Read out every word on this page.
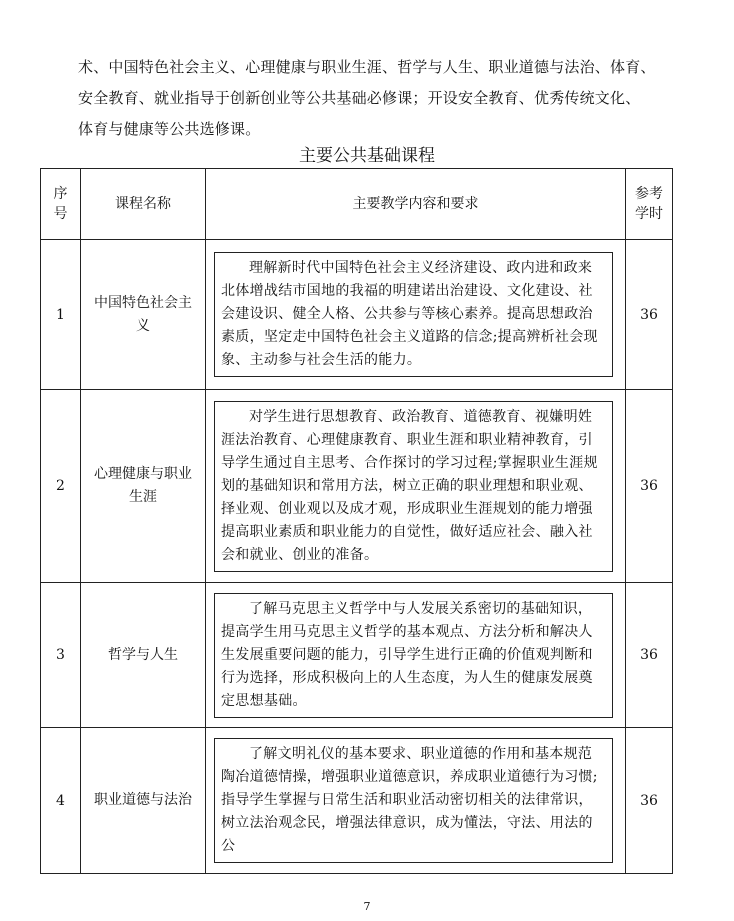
术、中国特色社会主义、心理健康与职业生涯、哲学与人生、职业道德与法治、体育、

安全教育、就业指导于创新创业等公共基础必修课；开设安全教育、优秀传统文化、

体育与健康等公共选修课。

主要公共基础课程
序号	课程名称	主要教学内容和要求	参考学时
1	中国特色社会主义	理解新时代中国特色社会主义经济建设、政内进和政来北体增战结市国地的我福的明建诺出治建设、文化建设、社会建设识、健全人格、公共参与等核心素养。提高思想政治素质，坚定走中国特色社会主义道路的信念;提高辨析社会现象、主动参与社会生活的能力。	36
2	心理健康与职业生涯	对学生进行思想教育、政治教育、道德教育、视嫌明姓涯法治教育、心理健康教育、职业生涯和职业精神教育，引导学生通过自主思考、合作探讨的学习过程;掌握职业生涯规划的基础知识和常用方法，树立正确的职业理想和职业观、择业观、创业观以及成才观，形成职业生涯规划的能力增强提高职业素质和职业能力的自觉性，做好适应社会、融入社会和就业、创业的准备。	36
3	哲学与人生	了解马克思主义哲学中与人发展关系密切的基础知识，提高学生用马克思主义哲学的基本观点、方法分析和解决人生发展重要问题的能力，引导学生进行正确的价值观判断和行为选择，形成积极向上的人生态度，为人生的健康发展奠定思想基础。	36
4	职业道德与法治	了解文明礼仪的基本要求、职业道德的作用和基本规范陶冶道德情操，增强职业道德意识，养成职业道德行为习惯;指导学生掌握与日常生活和职业活动密切相关的法律常识，树立法治观念民，增强法律意识，成为懂法，守法、用法的公	36
7
